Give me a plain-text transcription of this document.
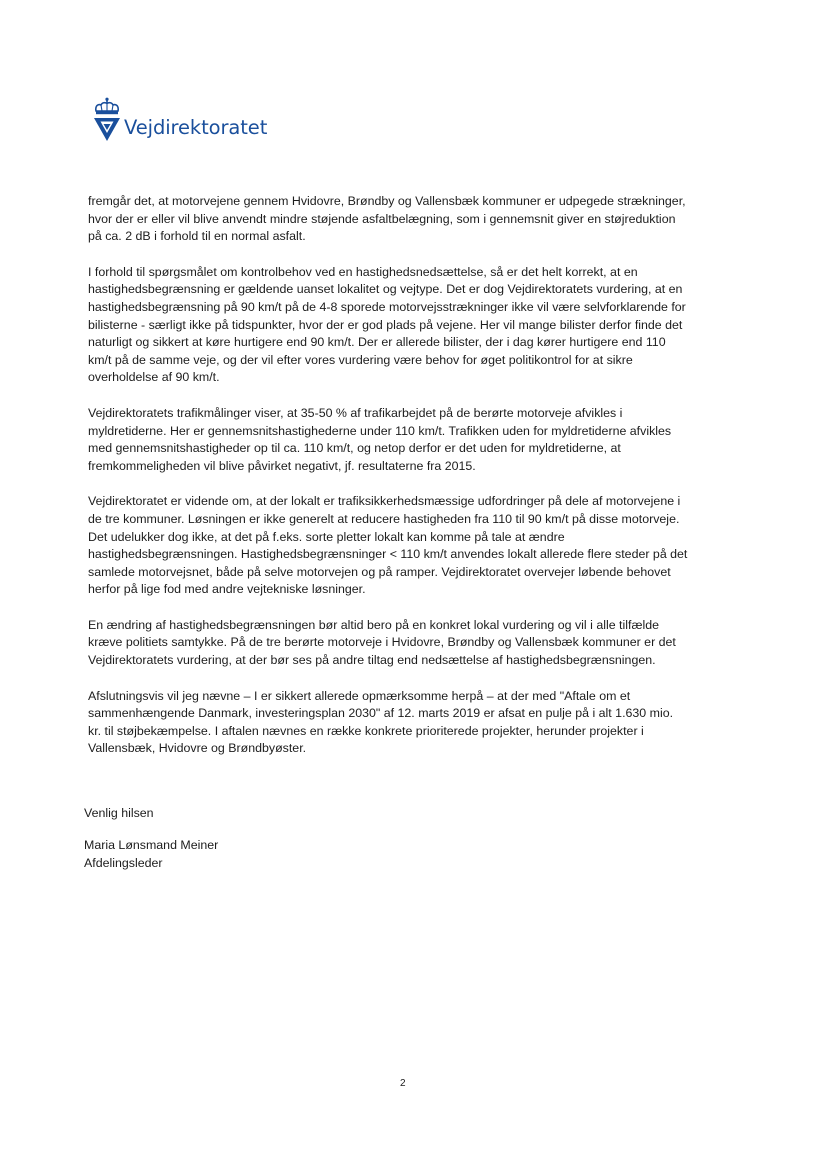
Vejdirektoratet

fremgår det, at motorvejene gennem Hvidovre, Brøndby og Vallensbæk kommuner er udpegede strækninger, hvor der er eller vil blive anvendt mindre støjende asfaltbelægning, som i gennemsnit giver en støjreduktion på ca. 2 dB i forhold til en normal asfalt.

I forhold til spørgsmålet om kontrolbehov ved en hastighedsnedsættelse, så er det helt korrekt, at en hastighedsbegrænsning er gældende uanset lokalitet og vejtype. Det er dog Vejdirektoratets vurdering, at en hastighedsbegrænsning på 90 km/t på de 4-8 sporede motorvejsstrækninger ikke vil være selvforklarende for bilisterne - særligt ikke på tidspunkter, hvor der er god plads på vejene. Her vil mange bilister derfor finde det naturligt og sikkert at køre hurtigere end 90 km/t. Der er allerede bilister, der i dag kører hurtigere end 110 km/t på de samme veje, og der vil efter vores vurdering være behov for øget politikontrol for at sikre overholdelse af 90 km/t.

Vejdirektoratets trafikmålinger viser, at 35-50 % af trafikarbejdet på de berørte motorveje afvikles i myldretiderne. Her er gennemsnitshastighederne under 110 km/t. Trafikken uden for myldretiderne afvikles med gennemsnitshastigheder op til ca. 110 km/t, og netop derfor er det uden for myldretiderne, at fremkommeligheden vil blive påvirket negativt, jf. resultaterne fra 2015.

Vejdirektoratet er vidende om, at der lokalt er trafiksikkerhedsmæssige udfordringer på dele af motorvejene i de tre kommuner. Løsningen er ikke generelt at reducere hastigheden fra 110 til 90 km/t på disse motorveje. Det udelukker dog ikke, at det på f.eks. sorte pletter lokalt kan komme på tale at ændre hastighedsbegrænsningen. Hastighedsbegrænsninger < 110 km/t anvendes lokalt allerede flere steder på det samlede motorvejsnet, både på selve motorvejen og på ramper. Vejdirektoratet overvejer løbende behovet herfor på lige fod med andre vejtekniske løsninger.

En ændring af hastighedsbegrænsningen bør altid bero på en konkret lokal vurdering og vil i alle tilfælde kræve politiets samtykke. På de tre berørte motorveje i Hvidovre, Brøndby og Vallensbæk kommuner er det Vejdirektoratets vurdering, at der bør ses på andre tiltag end nedsættelse af hastighedsbegrænsningen.

Afslutningsvis vil jeg nævne – I er sikkert allerede opmærksomme herpå – at der med "Aftale om et sammenhængende Danmark, investeringsplan 2030" af 12. marts 2019 er afsat en pulje på i alt 1.630 mio. kr. til støjbekæmpelse. I aftalen nævnes en række konkrete prioriterede projekter, herunder projekter i Vallensbæk, Hvidovre og Brøndbyøster.

Venlig hilsen

Maria Lønsmand Meiner
Afdelingsleder
2
